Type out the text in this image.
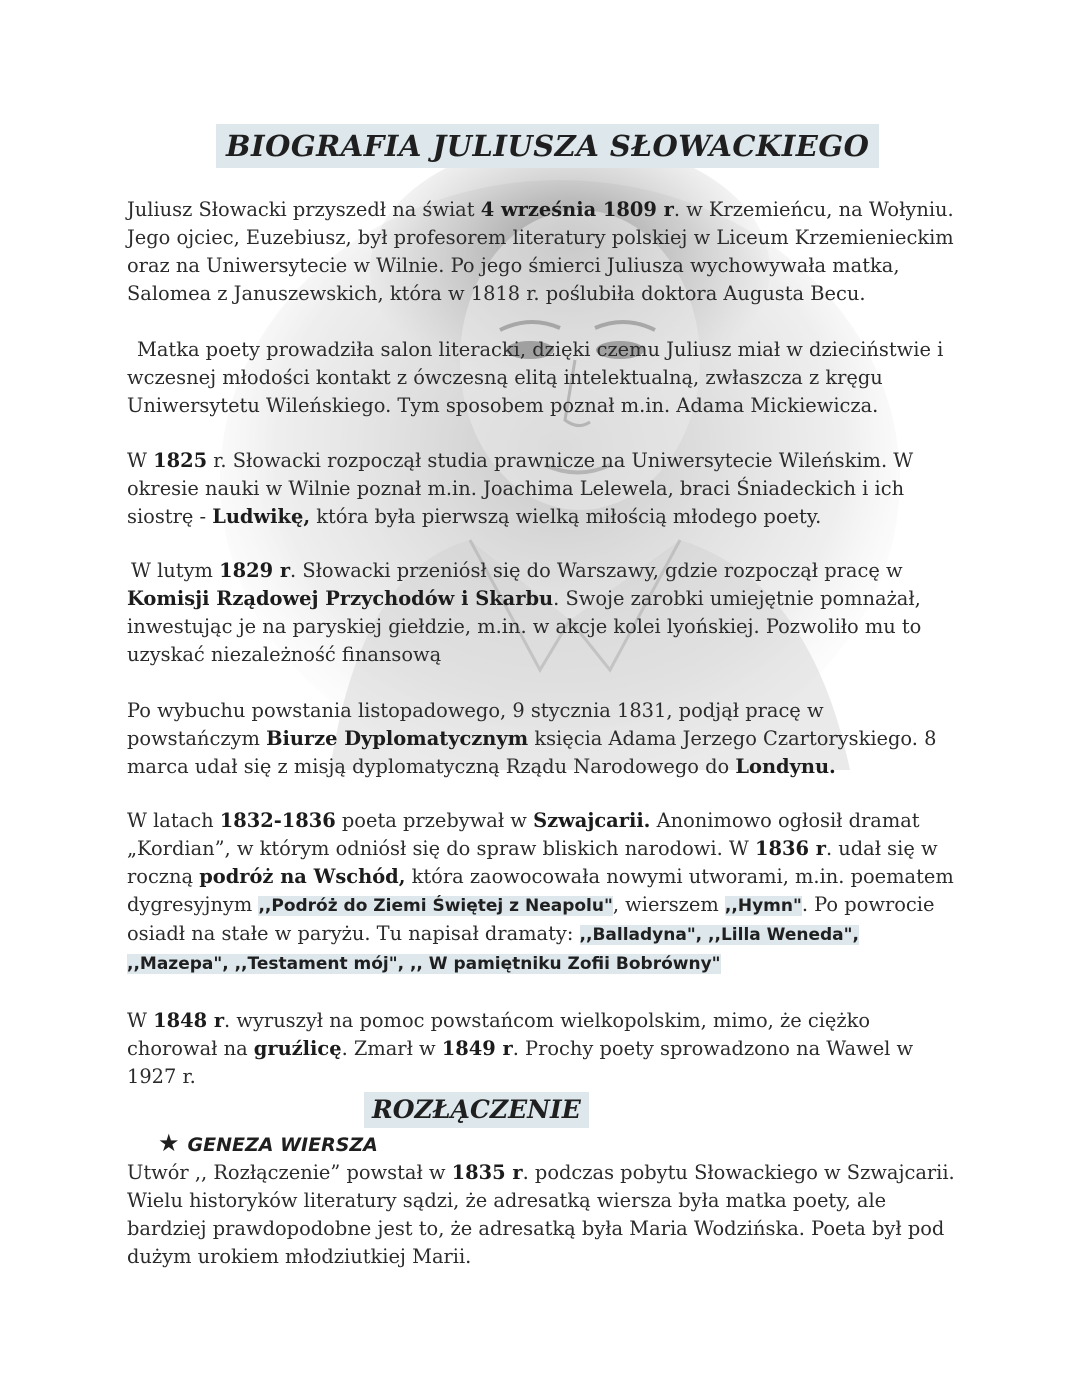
BIOGRAFIA JULIUSZA SŁOWACKIEGO
Juliusz Słowacki przyszedł na świat 4 września 1809 r. w Krzemieńcu, na Wołyniu. Jego ojciec, Euzebiusz, był profesorem literatury polskiej w Liceum Krzemienieckim oraz na Uniwersytecie w Wilnie. Po jego śmierci Juliusza wychowywała matka, Salomea z Januszewskich, która w 1818 r. poślubiła doktora Augusta Becu.
Matka poety prowadziła salon literacki, dzięki czemu Juliusz miał w dzieciństwie i wczesnej młodości kontakt z ówczesną elitą intelektualną, zwłaszcza z kręgu Uniwersytetu Wileńskiego. Tym sposobem poznał m.in. Adama Mickiewicza.
W 1825 r. Słowacki rozpoczął studia prawnicze na Uniwersytecie Wileńskim. W okresie nauki w Wilnie poznał m.in. Joachima Lelewela, braci Śniadeckich i ich siostrę - Ludwikę, która była pierwszą wielką miłością młodego poety.
W lutym 1829 r. Słowacki przeniósł się do Warszawy, gdzie rozpoczął pracę w Komisji Rządowej Przychodów i Skarbu. Swoje zarobki umiejętnie pomnażał, inwestując je na paryskiej giełdzie, m.in. w akcje kolei lyońskiej. Pozwoliło mu to uzyskać niezależność finansową
Po wybuchu powstania listopadowego, 9 stycznia 1831, podjął pracę w powstańczym Biurze Dyplomatycznym księcia Adama Jerzego Czartoryskiego. 8 marca udał się z misją dyplomatyczną Rządu Narodowego do Londynu.
W latach 1832-1836 poeta przebywał w Szwajcarii. Anonimowo ogłosił dramat „Kordian”, w którym odniósł się do spraw bliskich narodowi. W 1836 r. udał się w roczną podróż na Wschód, która zaowocowała nowymi utworami, m.in. poematem dygresyjnym ,,Podróż do Ziemi Świętej z Neapolu", wierszem ,,Hymn". Po powrocie osiadł na stałe w paryżu. Tu napisał dramaty: ,,Balladyna", ,,Lilla Weneda", ,,Mazepa", ,,Testament mój", ,, W pamiętniku Zofii Bobrówny"
W 1848 r. wyruszył na pomoc powstańcom wielkopolskim, mimo, że ciężko chorował na gruźlicę. Zmarł w 1849 r. Prochy poety sprowadzono na Wawel w 1927 r.
ROZŁĄCZENIE
★ GENEZA WIERSZA
Utwór ,, Rozłączenie” powstał w 1835 r. podczas pobytu Słowackiego w Szwajcarii. Wielu historyków literatury sądzi, że adresatką wiersza była matka poety, ale bardziej prawdopodobne jest to, że adresatką była Maria Wodzińska. Poeta był pod dużym urokiem młodziutkiej Marii.
